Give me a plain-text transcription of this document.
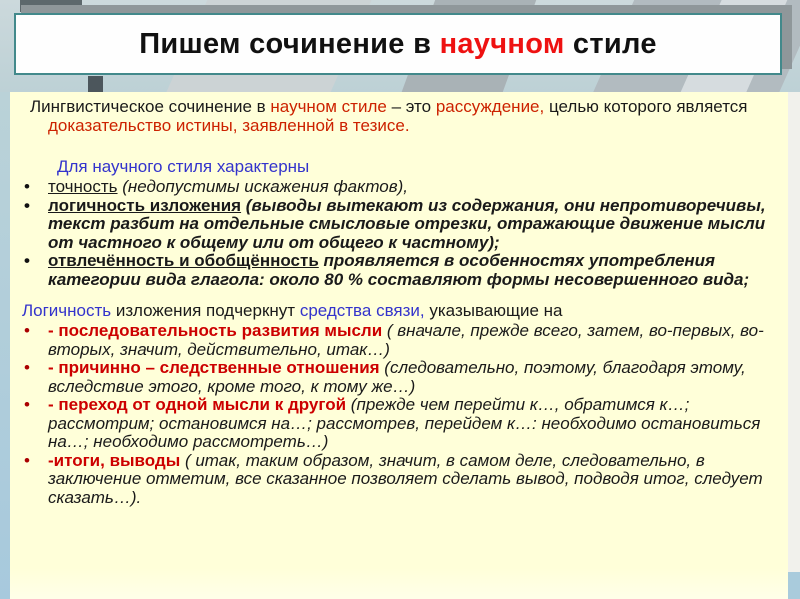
Пишем сочинение в научном стиле

Лингвистическое сочинение в научном стиле – это рассуждение, целью которого является доказательство истины, заявленной в тезисе.

Для научного стиля характерны
• точность (недопустимы искажения фактов),
• логичность изложения (выводы вытекают из содержания, они непротиворечивы, текст разбит на отдельные смысловые отрезки, отражающие движение мысли от частного к общему или от общего к частному);
• отвлечённость и обобщённость проявляется в особенностях употребления категории вида глагола: около 80 % составляют формы несовершенного вида;

Логичность изложения подчеркнут средства связи, указывающие на

• - последовательность развития мысли ( вначале, прежде всего, затем, во-первых, во-вторых, значит, действительно, итак…)
• - причинно – следственные отношения (следовательно, поэтому, благодаря этому, вследствие этого, кроме того, к тому же…)
• - переход от одной мысли к другой (прежде чем перейти к…, обратимся к…; рассмотрим; остановимся на…; рассмотрев, перейдем к…: необходимо остановиться на…; необходимо рассмотреть…)
• -итоги, выводы ( итак, таким образом, значит, в самом деле, следовательно, в заключение отметим, все сказанное позволяет сделать вывод, подводя итог, следует сказать…).
